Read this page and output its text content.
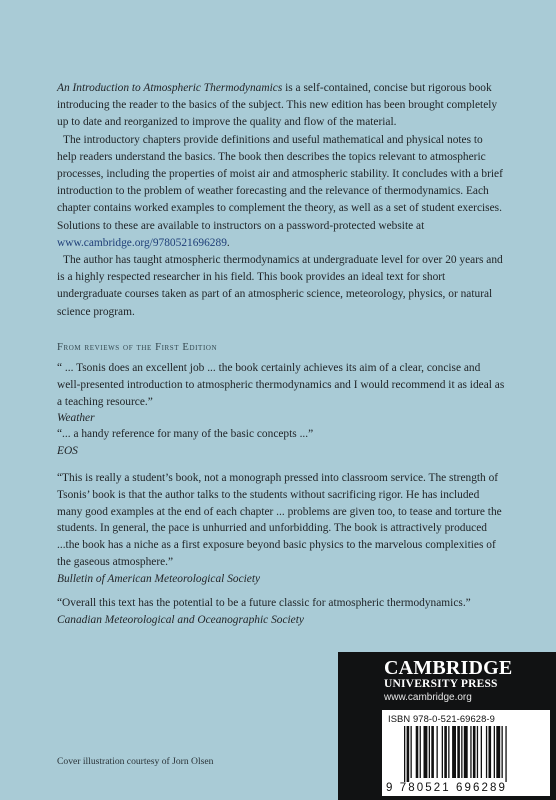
An Introduction to Atmospheric Thermodynamics is a self-contained, concise but rigorous book introducing the reader to the basics of the subject. This new edition has been brought completely up to date and reorganized to improve the quality and flow of the material.

The introductory chapters provide definitions and useful mathematical and physical notes to help readers understand the basics. The book then describes the topics relevant to atmospheric processes, including the properties of moist air and atmospheric stability. It concludes with a brief introduction to the problem of weather forecasting and the relevance of thermodynamics. Each chapter contains worked examples to complement the theory, as well as a set of student exercises. Solutions to these are available to instructors on a password-protected website at www.cambridge.org/9780521696289.

The author has taught atmospheric thermodynamics at undergraduate level for over 20 years and is a highly respected researcher in his field. This book provides an ideal text for short undergraduate courses taken as part of an atmospheric science, meteorology, physics, or natural science program.

From reviews of the First Edition
“ ... Tsonis does an excellent job ... the book certainly achieves its aim of a clear, concise and well-presented introduction to atmospheric thermodynamics and I would recommend it as ideal as a teaching resource.”
Weather
“... a handy reference for many of the basic concepts ...”
EOS
“This is really a student’s book, not a monograph pressed into classroom service. The strength of Tsonis’ book is that the author talks to the students without sacrificing rigor. He has included many good examples at the end of each chapter ... problems are given too, to tease and torture the students. In general, the pace is unhurried and unforbidding. The book is attractively produced ...the book has a niche as a first exposure beyond basic physics to the marvelous complexities of the gaseous atmosphere.”
Bulletin of American Meteorological Society
“Overall this text has the potential to be a future classic for atmospheric thermodynamics.”
Canadian Meteorological and Oceanographic Society
Cover illustration courtesy of Jorn Olsen
CAMBRIDGE
UNIVERSITY PRESS
www.cambridge.org
ISBN 978-0-521-69628-9
9 780521 696289
